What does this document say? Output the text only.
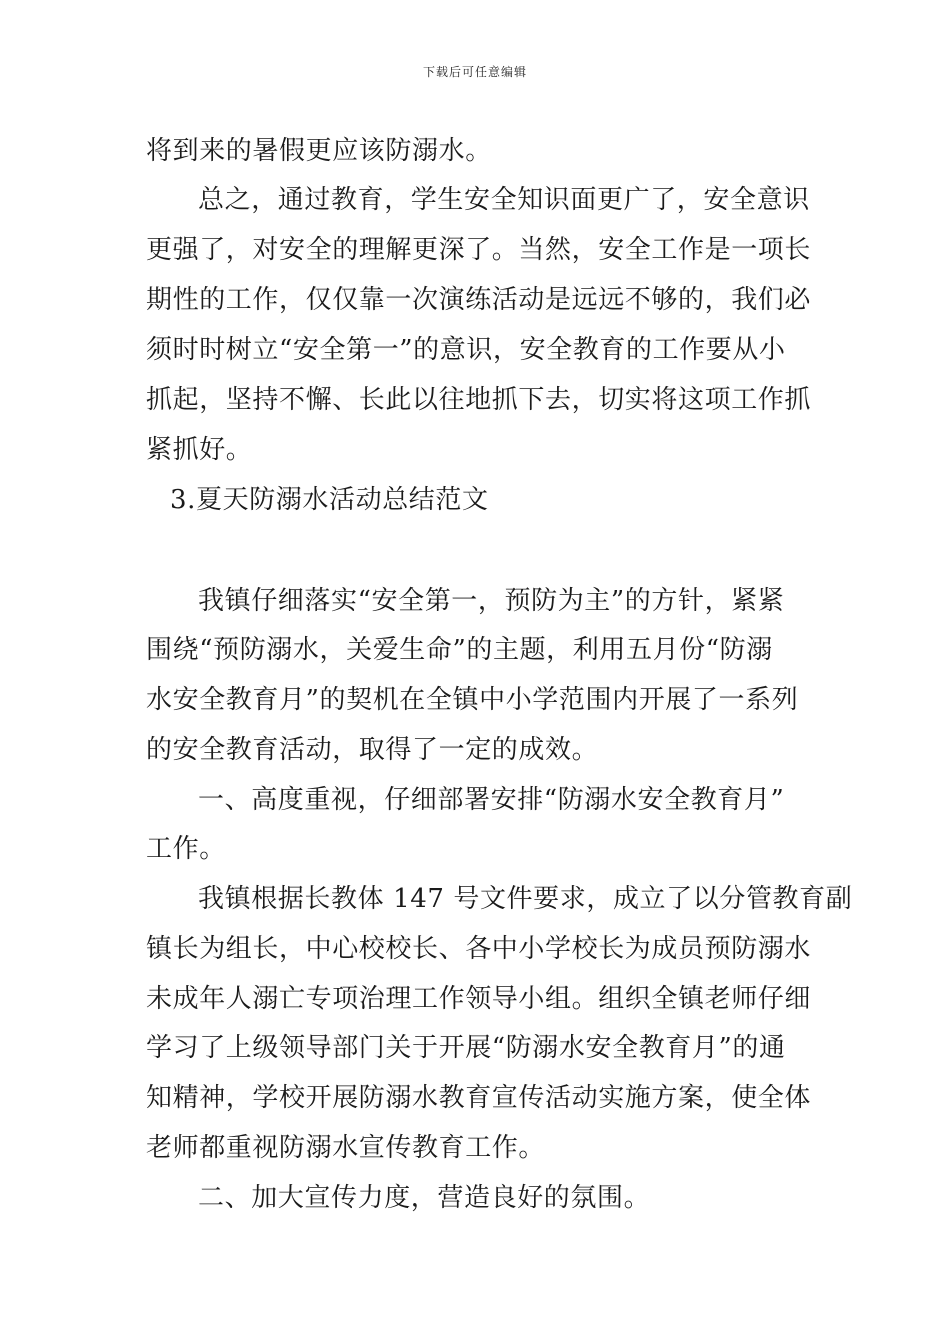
下载后可任意编辑
将到来的暑假更应该防溺水。
总之，通过教育，学生安全知识面更广了，安全意识
更强了，对安全的理解更深了。当然，安全工作是一项长
期性的工作，仅仅靠一次演练活动是远远不够的，我们必
须时时树立“安全第一”的意识，安全教育的工作要从小
抓起，坚持不懈、长此以往地抓下去，切实将这项工作抓
紧抓好。
3.夏天防溺水活动总结范文
我镇仔细落实“安全第一，预防为主”的方针，紧紧
围绕“预防溺水，关爱生命”的主题，利用五月份“防溺
水安全教育月”的契机在全镇中小学范围内开展了一系列
的安全教育活动，取得了一定的成效。
一、高度重视，仔细部署安排“防溺水安全教育月”
工作。
我镇根据长教体 147 号文件要求，成立了以分管教育副
镇长为组长，中心校校长、各中小学校长为成员预防溺水
未成年人溺亡专项治理工作领导小组。组织全镇老师仔细
学习了上级领导部门关于开展“防溺水安全教育月”的通
知精神，学校开展防溺水教育宣传活动实施方案，使全体
老师都重视防溺水宣传教育工作。
二、加大宣传力度，营造良好的氛围。
